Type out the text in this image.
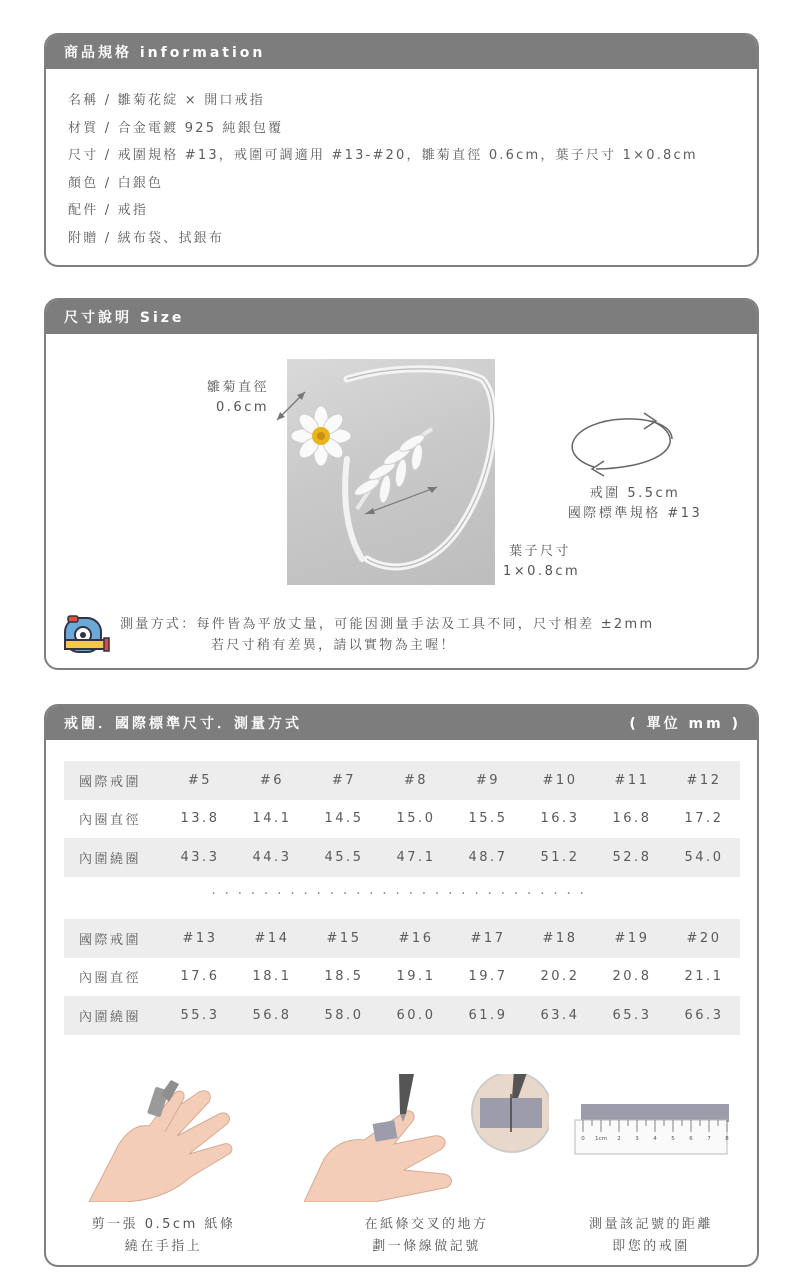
商品規格 information
名稱 / 雛菊花綻 × 開口戒指
材質 / 合金電鍍 925 純銀包覆
尺寸 / 戒圍規格 #13，戒圍可調適用 #13-#20，雛菊直徑 0.6cm，葉子尺寸 1×0.8cm
顏色 / 白銀色
配件 / 戒指
附贈 / 絨布袋、拭銀布
尺寸說明 Size
雛菊直徑
0.6cm
戒圍 5.5cm
國際標準規格 #13
葉子尺寸
1×0.8cm
測量方式：每件皆為平放丈量，可能因測量手法及工具不同，尺寸相差 ±2mm
若尺寸稍有差異，請以實物為主喔！
戒圍．國際標準尺寸．測量方式	( 單位 mm )
國際戒圍	#5	#6	#7	#8	#9	#10	#11	#12
內圈直徑	13.8	14.1	14.5	15.0	15.5	16.3	16.8	17.2
內圍繞圈	43.3	44.3	45.5	47.1	48.7	51.2	52.8	54.0
·····························
國際戒圍	#13	#14	#15	#16	#17	#18	#19	#20
內圈直徑	17.6	18.1	18.5	19.1	19.7	20.2	20.8	21.1
內圍繞圈	55.3	56.8	58.0	60.0	61.9	63.4	65.3	66.3
剪一張 0.5cm 紙條
繞在手指上
在紙條交叉的地方
劃一條線做記號
0 1cm 2	3	4	5	6	7	8
測量該記號的距離
即您的戒圍
